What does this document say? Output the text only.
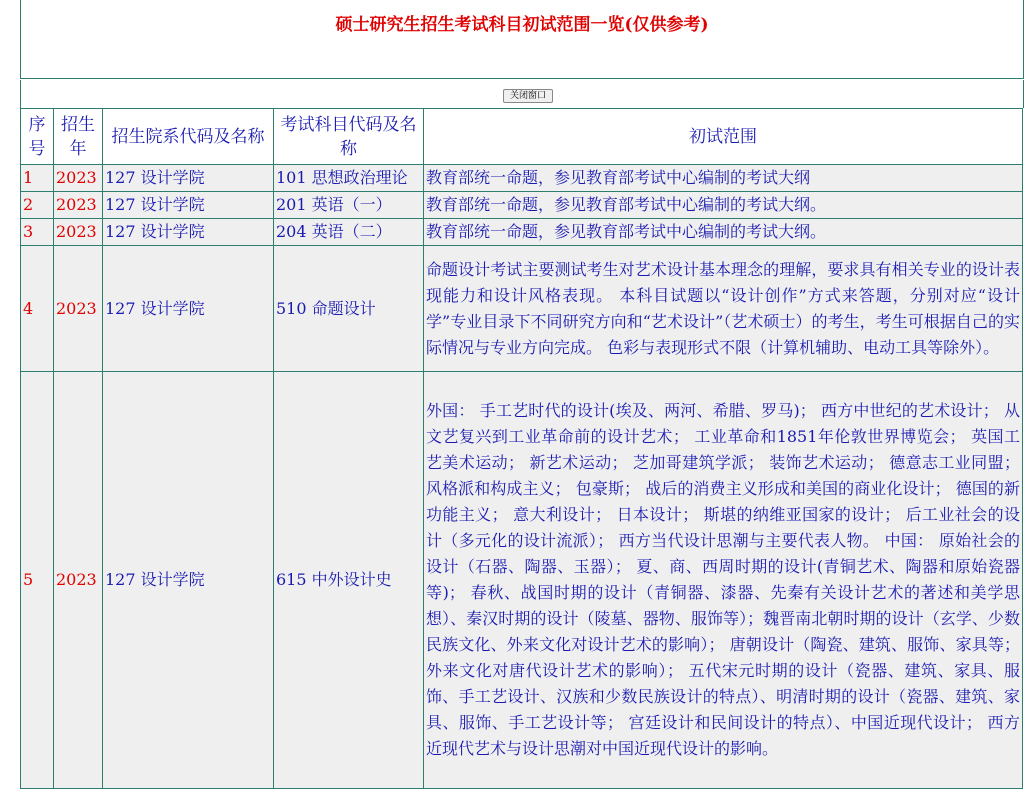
硕士研究生招生考试科目初试范围一览(仅供参考)
关闭窗口
序号	招生年	招生院系代码及名称	考试科目代码及名称	初试范围
1	2023	127 设计学院	101 思想政治理论	教育部统一命题，参见教育部考试中心编制的考试大纲
2	2023	127 设计学院	201 英语（一）	教育部统一命题，参见教育部考试中心编制的考试大纲。
3	2023	127 设计学院	204 英语（二）	教育部统一命题，参见教育部考试中心编制的考试大纲。
4	2023	127 设计学院	510 命题设计	命题设计考试主要测试考生对艺术设计基本理念的理解，要求具有相关专业的设计表现能力和设计风格表现。 本科目试题以“设计创作”方式来答题，分别对应“设计学”专业目录下不同研究方向和“艺术设计”（艺术硕士）的考生，考生可根据自己的实际情况与专业方向完成。 色彩与表现形式不限（计算机辅助、电动工具等除外）。
5	2023	127 设计学院	615 中外设计史	外国： 手工艺时代的设计(埃及、两河、希腊、罗马)； 西方中世纪的艺术设计； 从文艺复兴到工业革命前的设计艺术； 工业革命和1851年伦敦世界博览会； 英国工艺美术运动； 新艺术运动； 芝加哥建筑学派； 装饰艺术运动； 德意志工业同盟； 风格派和构成主义； 包豪斯； 战后的消费主义形成和美国的商业化设计； 德国的新功能主义； 意大利设计； 日本设计； 斯堪的纳维亚国家的设计； 后工业社会的设计（多元化的设计流派）； 西方当代设计思潮与主要代表人物。 中国： 原始社会的设计（石器、陶器、玉器）； 夏、商、西周时期的设计(青铜艺术、陶器和原始瓷器等)； 春秋、战国时期的设计（青铜器、漆器、先秦有关设计艺术的著述和美学思想）、秦汉时期的设计（陵墓、器物、服饰等）；魏晋南北朝时期的设计（玄学、少数民族文化、外来文化对设计艺术的影响）； 唐朝设计（陶瓷、建筑、服饰、家具等；外来文化对唐代设计艺术的影响）； 五代宋元时期的设计（瓷器、建筑、家具、服饰、手工艺设计、汉族和少数民族设计的特点）、明清时期的设计（瓷器、建筑、家具、服饰、手工艺设计等； 宫廷设计和民间设计的特点）、中国近现代设计； 西方近现代艺术与设计思潮对中国近现代设计的影响。
